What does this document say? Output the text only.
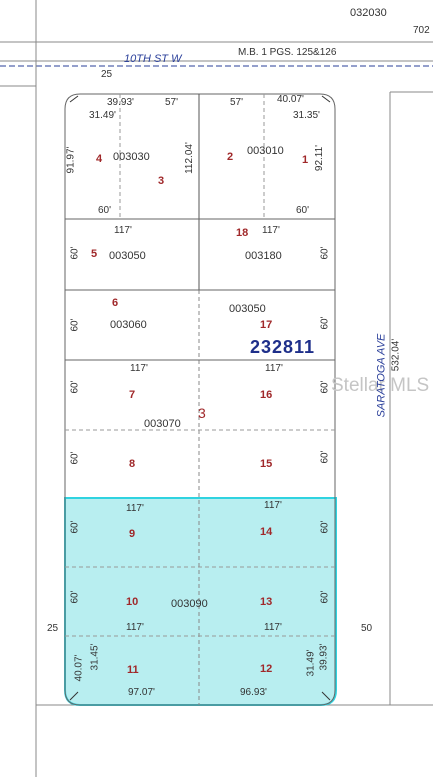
032030
702
M.B. 1 PGS. 125&126
10TH ST W
25
Stellar MLS
SARATOGA AVE 532.04'
232811
3
25	50
39.93'	57'	57'	40.07'
31.49'	31.35'
91.97'	112.04'	92.11'
60'	60'
4 003030
3
2 003010
1
117'	18 117'
60' 5 003050	003180	60'
6	003050
60'	003060	17	60'
117'	117'
60'
7	16
60'
003070
60'	8	15
60'
117'	117'
60'
9	14	60'
60'	10	003090	13	60'
117'	117'
40.07' 31.45' 11	12	31.49' 39.93'
97.07'	96.93'
